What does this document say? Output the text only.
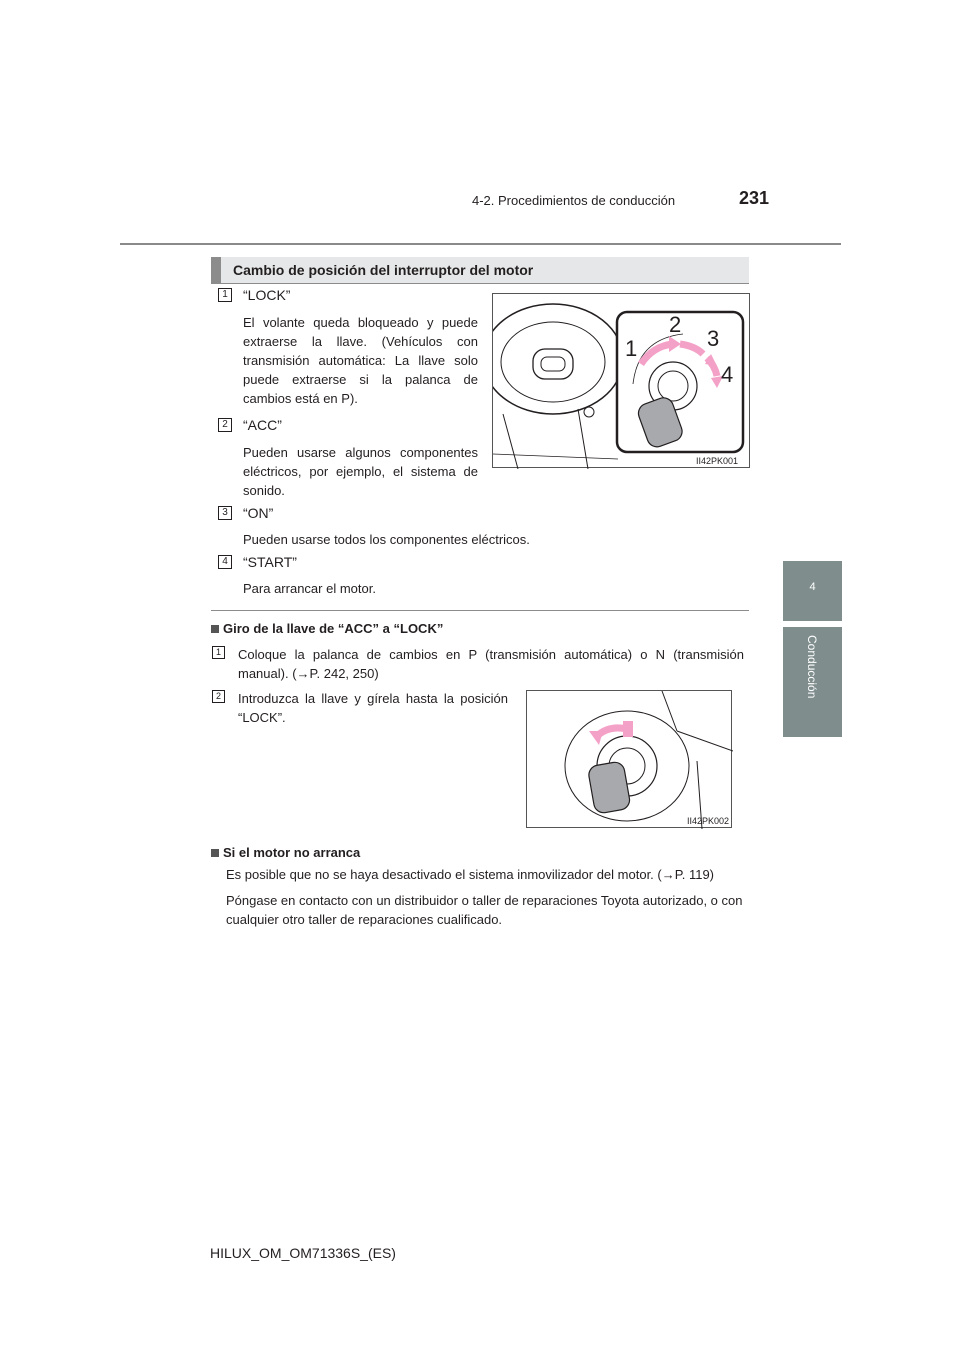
4-2. Procedimientos de conducción	231
4
Conducción
Cambio de posición del interruptor del motor
1	“LOCK”
El volante queda bloqueado y puede extraerse la llave. (Vehículos con transmisión automática: La llave solo puede extraerse si la palanca de cambios está en P).
2	“ACC”
Pueden usarse algunos componentes eléctricos, por ejemplo, el sistema de sonido.
3	“ON”
Pueden usarse todos los componentes eléctricos.
4	“START”
Para arrancar el motor.
1
2
3
4
II42PK001
Giro de la llave de “ACC” a “LOCK”
1	Coloque la palanca de cambios en P (transmisión automática) o N (transmisión manual). (→P. 242, 250)
2	Introduzca la llave y gírela hasta la posición “LOCK”.
II42PK002
Si el motor no arranca
Es posible que no se haya desactivado el sistema inmovilizador del motor. (→P. 119)
Póngase en contacto con un distribuidor o taller de reparaciones Toyota autorizado, o con cualquier otro taller de reparaciones cualificado.
HILUX_OM_OM71336S_(ES)
